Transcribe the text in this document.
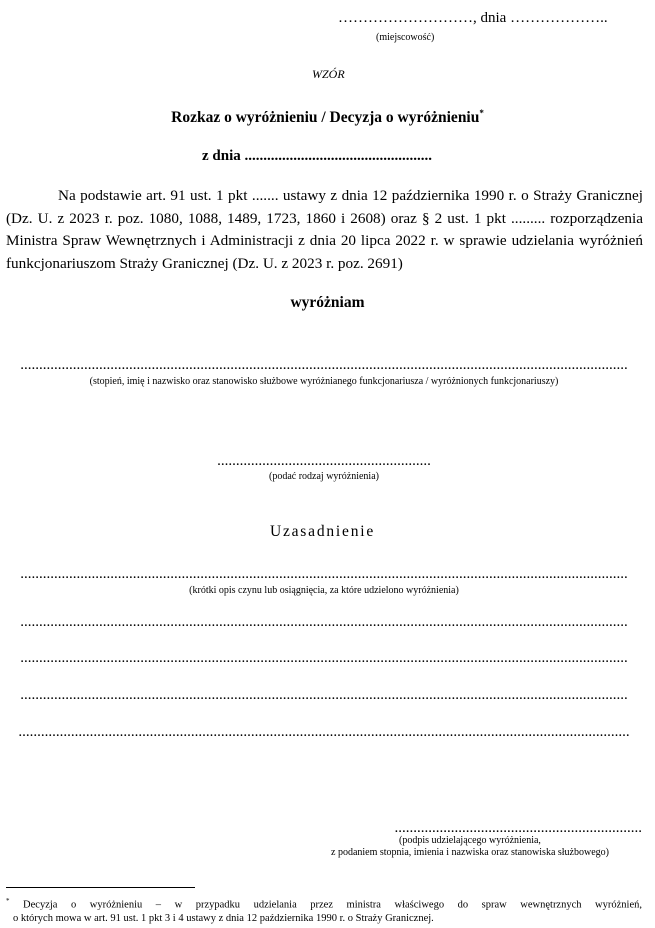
………………………, dnia ………………..
(miejscowość)
WZÓR
Rozkaz o wyróżnieniu / Decyzja o wyróżnieniu*
z dnia ..................................................

Na podstawie art. 91 ust. 1 pkt ....... ustawy z dnia 12 października 1990 r. o Straży Granicznej (Dz. U. z 2023 r. poz. 1080, 1088, 1489, 1723, 1860 i 2608) oraz § 2 ust. 1 pkt ......... rozporządzenia Ministra Spraw Wewnętrznych i Administracji z dnia 20 lipca 2022 r. w sprawie udzielania wyróżnień funkcjonariuszom Straży Granicznej (Dz. U. z 2023 r. poz. 2691)

wyróżniam
..................................................................................................................................................................
(stopień, imię i nazwisko oraz stanowisko służbowe wyróżnianego funkcjonariusza / wyróżnionych funkcjonariuszy)
.........................................................
(podać rodzaj wyróżnienia)
Uzasadnienie
..................................................................................................................................................................
(krótki opis czynu lub osiągnięcia, za które udzielono wyróżnienia)
..................................................................................................................................................................
..................................................................................................................................................................
..................................................................................................................................................................
...................................................................................................................................................................
..................................................................
(podpis udzielającego wyróżnienia,
z podaniem stopnia, imienia i nazwiska oraz stanowiska służbowego)
* Decyzja o wyróżnieniu – w przypadku udzielania przez ministra właściwego do spraw wewnętrznych wyróżnień,
o których mowa w art. 91 ust. 1 pkt 3 i 4 ustawy z dnia 12 października 1990 r. o Straży Granicznej.
